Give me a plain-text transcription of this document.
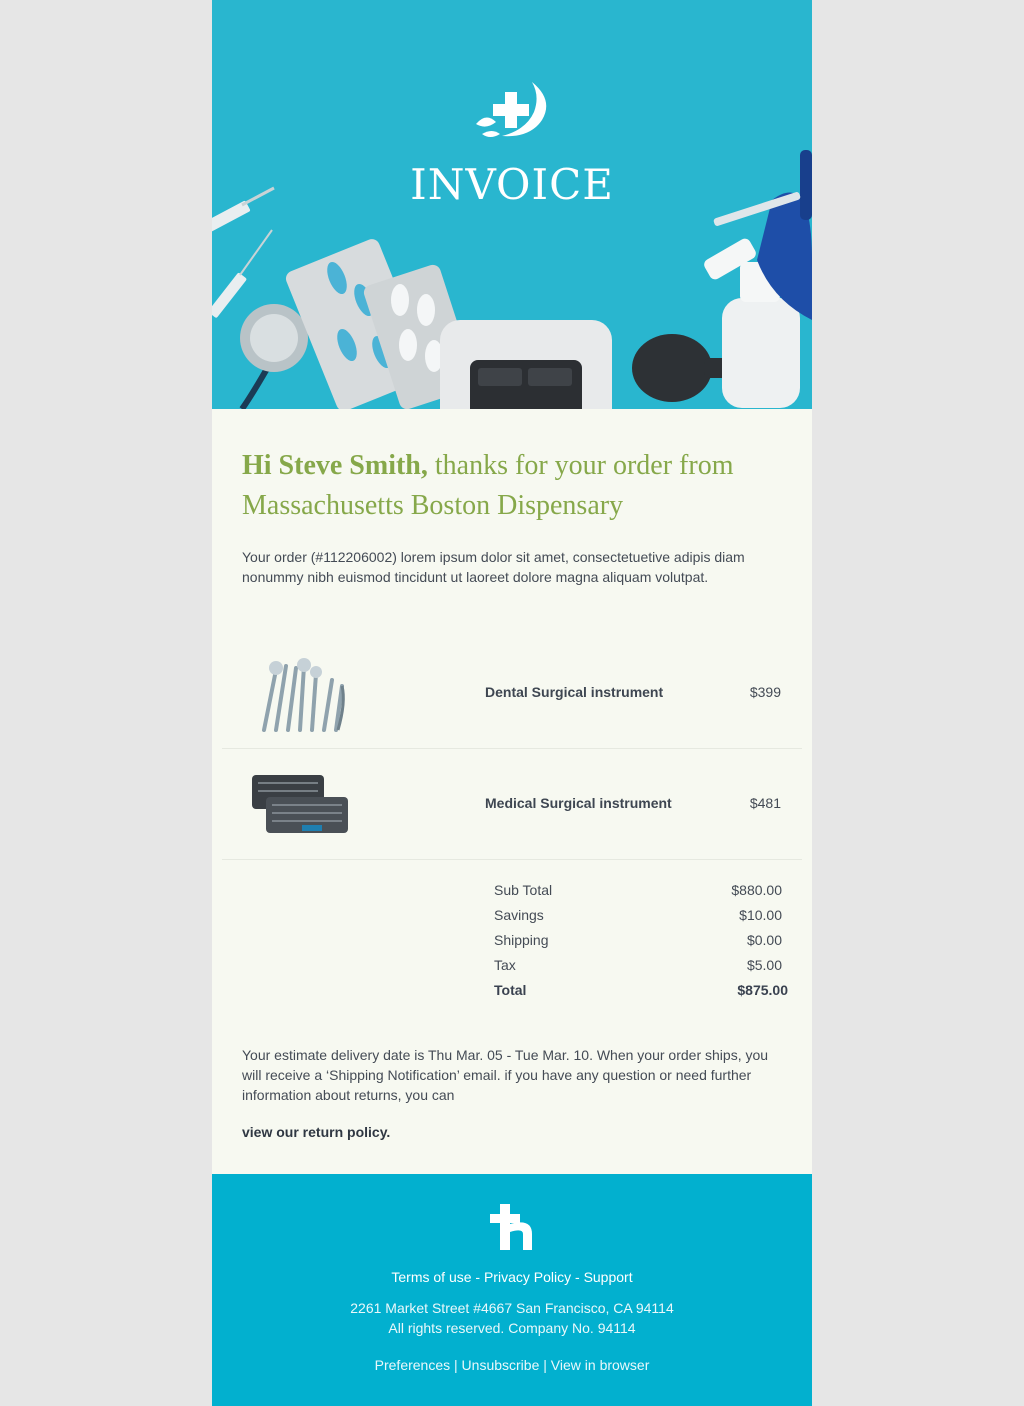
INVOICE
Hi Steve Smith, thanks for your order from Massachusetts Boston Dispensary
Your order (#112206002) lorem ipsum dolor sit amet, consectetuetive adipis diam nonummy nibh euismod tincidunt ut laoreet dolore magna aliquam volutpat.
Dental Surgical instrument	$399
Medical Surgical instrument	$481
Sub Total	$880.00
Savings	$10.00
Shipping	$0.00
Tax	$5.00
Total	$875.00
Your estimate delivery date is Thu Mar. 05 - Tue Mar. 10. When your order ships, you will receive a ‘Shipping Notification’ email. if you have any question or need further information about returns, you can
view our return policy.
Terms of use - Privacy Policy - Support
2261 Market Street #4667 San Francisco, CA 94114
All rights reserved. Company No. 94114
Preferences | Unsubscribe | View in browser
